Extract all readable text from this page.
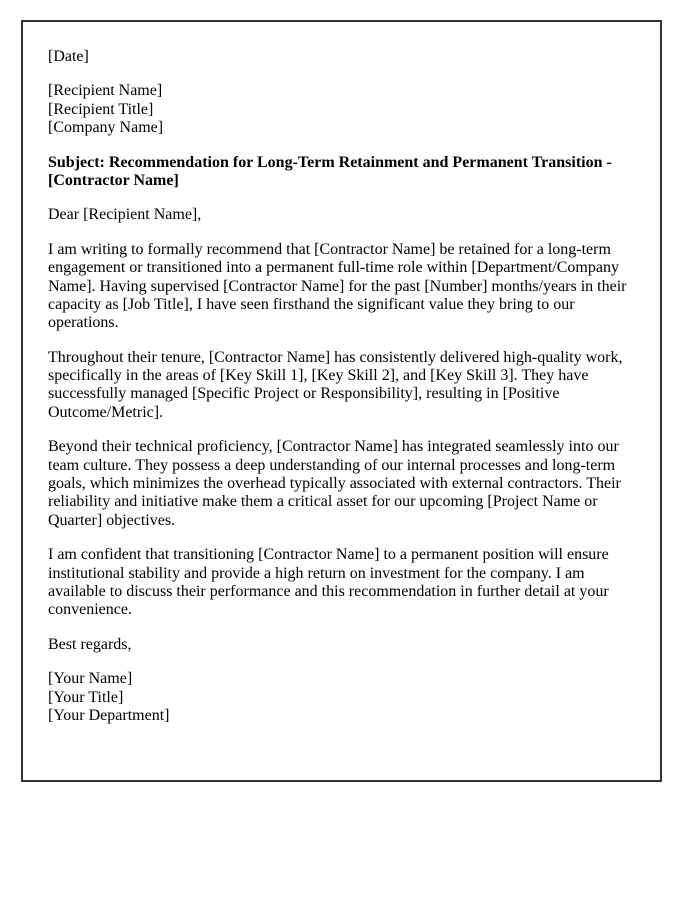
[Date]

[Recipient Name]
[Recipient Title]
[Company Name]

Subject: Recommendation for Long-Term Retainment and Permanent Transition - [Contractor Name]

Dear [Recipient Name],

I am writing to formally recommend that [Contractor Name] be retained for a long-term engagement or transitioned into a permanent full-time role within [Department/Company Name]. Having supervised [Contractor Name] for the past [Number] months/years in their capacity as [Job Title], I have seen firsthand the significant value they bring to our operations.

Throughout their tenure, [Contractor Name] has consistently delivered high-quality work, specifically in the areas of [Key Skill 1], [Key Skill 2], and [Key Skill 3]. They have successfully managed [Specific Project or Responsibility], resulting in [Positive Outcome/Metric].

Beyond their technical proficiency, [Contractor Name] has integrated seamlessly into our team culture. They possess a deep understanding of our internal processes and long-term goals, which minimizes the overhead typically associated with external contractors. Their reliability and initiative make them a critical asset for our upcoming [Project Name or Quarter] objectives.

I am confident that transitioning [Contractor Name] to a permanent position will ensure institutional stability and provide a high return on investment for the company. I am available to discuss their performance and this recommendation in further detail at your convenience.

Best regards,

[Your Name]
[Your Title]
[Your Department]
